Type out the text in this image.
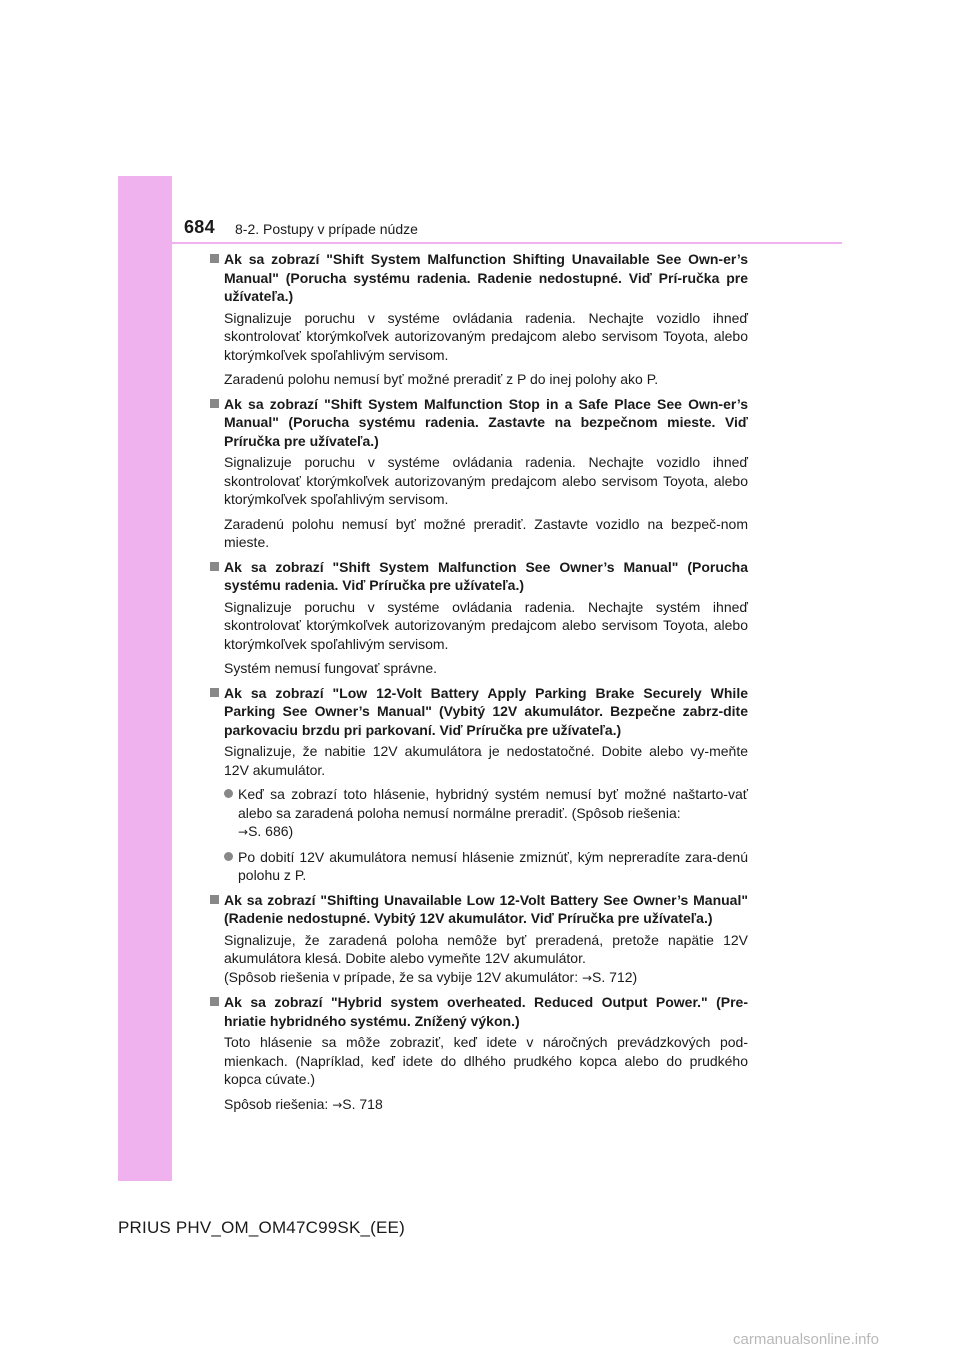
684 8-2. Postupy v prípade núdze
Ak sa zobrazí "Shift System Malfunction Shifting Unavailable See Own-er’s Manual" (Porucha systému radenia. Radenie nedostupné. Viď Prí-ručka pre užívateľa.)
Signalizuje poruchu v systéme ovládania radenia. Nechajte vozidlo ihneď skontrolovať ktorýmkoľvek autorizovaným predajcom alebo servisom Toyota, alebo ktorýmkoľvek spoľahlivým servisom.
Zaradenú polohu nemusí byť možné preradiť z P do inej polohy ako P.
Ak sa zobrazí "Shift System Malfunction Stop in a Safe Place See Own-er’s Manual" (Porucha systému radenia. Zastavte na bezpečnom mieste. Viď Príručka pre užívateľa.)
Signalizuje poruchu v systéme ovládania radenia. Nechajte vozidlo ihneď skontrolovať ktorýmkoľvek autorizovaným predajcom alebo servisom Toyota, alebo ktorýmkoľvek spoľahlivým servisom.
Zaradenú polohu nemusí byť možné preradiť. Zastavte vozidlo na bezpeč-nom mieste.
Ak sa zobrazí "Shift System Malfunction See Owner’s Manual" (Porucha systému radenia. Viď Príručka pre užívateľa.)
Signalizuje poruchu v systéme ovládania radenia. Nechajte systém ihneď skontrolovať ktorýmkoľvek autorizovaným predajcom alebo servisom Toyota, alebo ktorýmkoľvek spoľahlivým servisom.
Systém nemusí fungovať správne.
Ak sa zobrazí "Low 12-Volt Battery Apply Parking Brake Securely While Parking See Owner’s Manual" (Vybitý 12V akumulátor. Bezpečne zabrz-dite parkovaciu brzdu pri parkovaní. Viď Príručka pre užívateľa.)
Signalizuje, že nabitie 12V akumulátora je nedostatočné. Dobite alebo vy-meňte 12V akumulátor.
Keď sa zobrazí toto hlásenie, hybridný systém nemusí byť možné naštarto-vať alebo sa zaradená poloha nemusí normálne preradiť. (Spôsob riešenia:
→S. 686)
Po dobití 12V akumulátora nemusí hlásenie zmiznúť, kým nepreradíte zara-denú polohu z P.
Ak sa zobrazí "Shifting Unavailable Low 12-Volt Battery See Owner’s Manual" (Radenie nedostupné. Vybitý 12V akumulátor. Viď Príručka pre užívateľa.)
Signalizuje, že zaradená poloha nemôže byť preradená, pretože napätie 12V akumulátora klesá. Dobite alebo vymeňte 12V akumulátor.
(Spôsob riešenia v prípade, že sa vybije 12V akumulátor: →S. 712)
Ak sa zobrazí "Hybrid system overheated. Reduced Output Power." (Pre-hriatie hybridného systému. Znížený výkon.)
Toto hlásenie sa môže zobraziť, keď idete v náročných prevádzkových pod-mienkach. (Napríklad, keď idete do dlhého prudkého kopca alebo do prudkého kopca cúvate.)
Spôsob riešenia: →S. 718
PRIUS PHV_OM_OM47C99SK_(EE)
carmanualsonline.info
